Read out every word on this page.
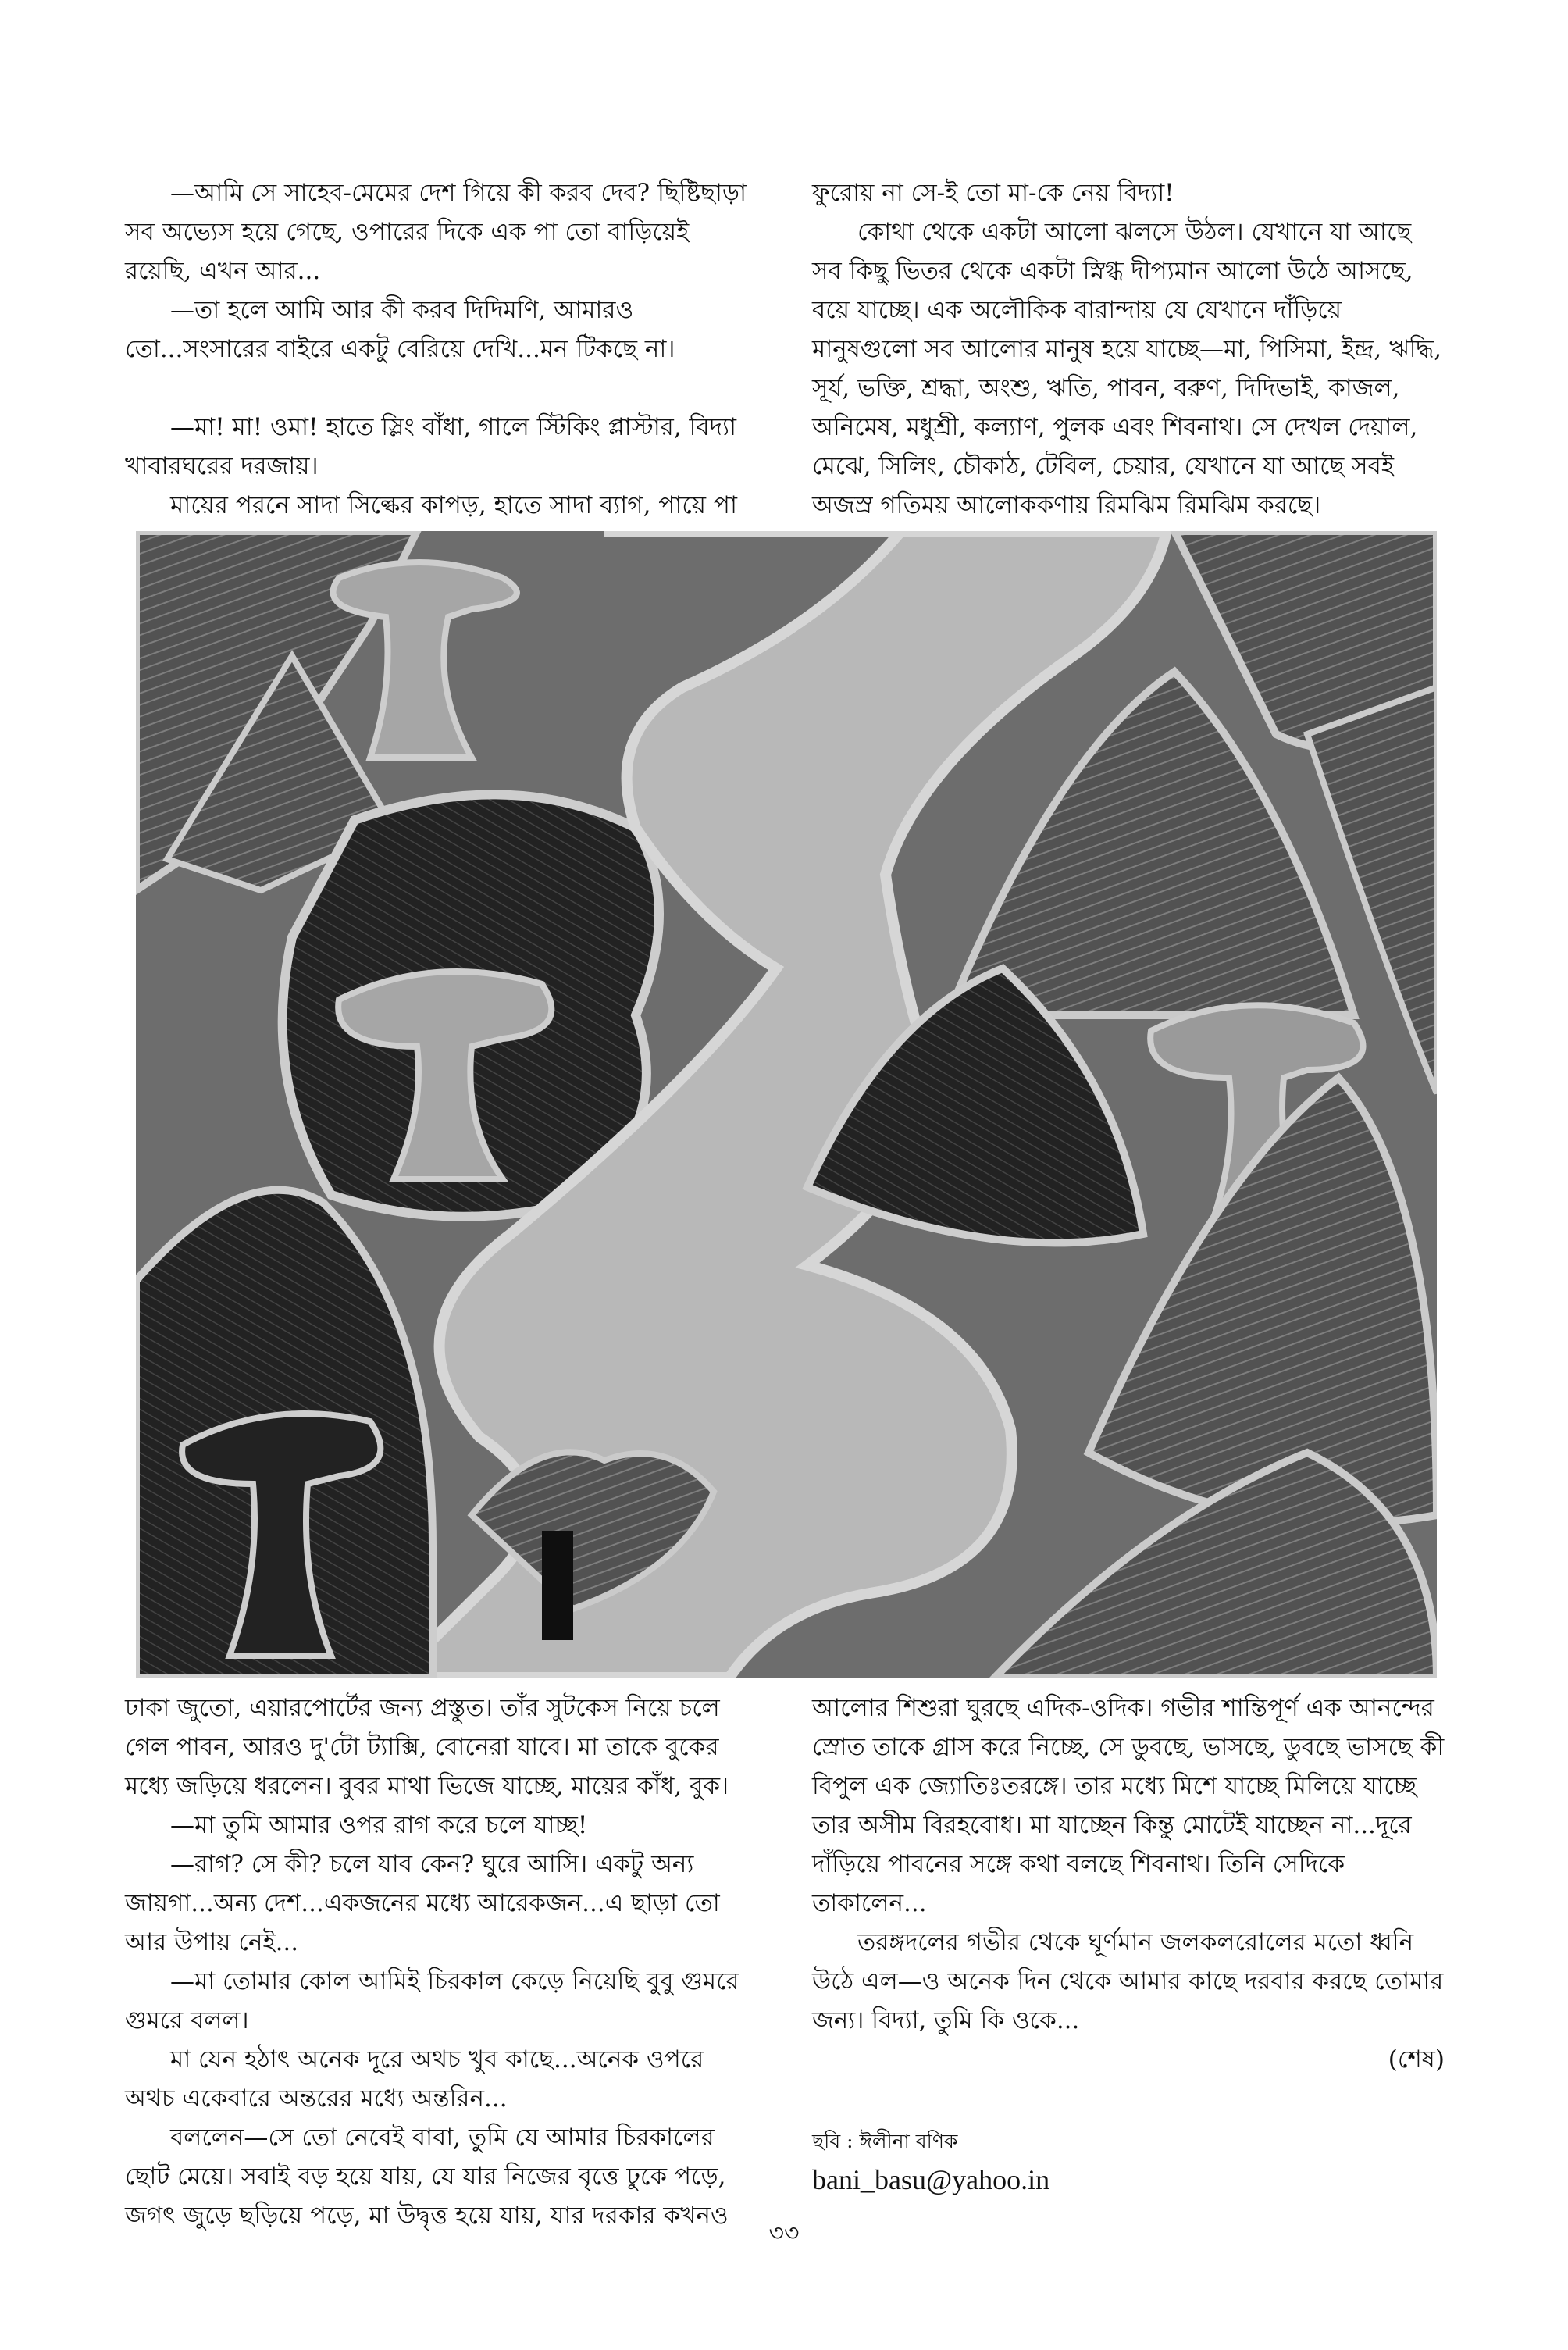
—আমি সে সাহেব-মেমের দেশ গিয়ে কী করব দেব? ছিষ্টিছাড়া সব অভ্যেস হয়ে গেছে, ওপারের দিকে এক পা তো বাড়িয়েই রয়েছি, এখন আর...

—তা হলে আমি আর কী করব দিদিমণি, আমারও তো...সংসারের বাইরে একটু বেরিয়ে দেখি...মন টিকছে না।

—মা! মা! ওমা! হাতে স্লিং বাঁধা, গালে স্টিকিং প্লাস্টার, বিদ্যা খাবারঘরের দরজায়।

মায়ের পরনে সাদা সিল্কের কাপড়, হাতে সাদা ব্যাগ, পায়ে পা

ফুরোয় না সে-ই তো মা-কে নেয় বিদ্যা!

কোথা থেকে একটা আলো ঝলসে উঠল। যেখানে যা আছে সব কিছু ভিতর থেকে একটা স্নিগ্ধ দীপ্যমান আলো উঠে আসছে, বয়ে যাচ্ছে। এক অলৌকিক বারান্দায় যে যেখানে দাঁড়িয়ে মানুষগুলো সব আলোর মানুষ হয়ে যাচ্ছে—মা, পিসিমা, ইন্দ্র, ঋদ্ধি, সূর্য, ভক্তি, শ্রদ্ধা, অংশু, ঋতি, পাবন, বরুণ, দিদিভাই, কাজল, অনিমেষ, মধুশ্রী, কল্যাণ, পুলক এবং শিবনাথ। সে দেখল দেয়াল, মেঝে, সিলিং, চৌকাঠ, টেবিল, চেয়ার, যেখানে যা আছে সবই অজস্র গতিময় আলোককণায় রিমঝিম রিমঝিম করছে।

ঢাকা জুতো, এয়ারপোর্টের জন্য প্রস্তুত। তাঁর সুটকেস নিয়ে চলে গেল পাবন, আরও দু'টো ট্যাক্সি, বোনেরা যাবে। মা তাকে বুকের মধ্যে জড়িয়ে ধরলেন। বুবর মাথা ভিজে যাচ্ছে, মায়ের কাঁধ, বুক।

—মা তুমি আমার ওপর রাগ করে চলে যাচ্ছ!

—রাগ? সে কী? চলে যাব কেন? ঘুরে আসি। একটু অন্য জায়গা...অন্য দেশ...একজনের মধ্যে আরেকজন...এ ছাড়া তো আর উপায় নেই...

—মা তোমার কোল আমিই চিরকাল কেড়ে নিয়েছি বুবু গুমরে গুমরে বলল।

মা যেন হঠাৎ অনেক দূরে অথচ খুব কাছে...অনেক ওপরে অথচ একেবারে অন্তরের মধ্যে অন্তরিন...

বললেন—সে তো নেবেই বাবা, তুমি যে আমার চিরকালের ছোট মেয়ে। সবাই বড় হয়ে যায়, যে যার নিজের বৃত্তে ঢুকে পড়ে, জগৎ জুড়ে ছড়িয়ে পড়ে, মা উদ্বৃত্ত হয়ে যায়, যার দরকার কখনও

আলোর শিশুরা ঘুরছে এদিক-ওদিক। গভীর শান্তিপূর্ণ এক আনন্দের স্রোত তাকে গ্রাস করে নিচ্ছে, সে ডুবছে, ভাসছে, ডুবছে ভাসছে কী বিপুল এক জ্যোতিঃতরঙ্গে। তার মধ্যে মিশে যাচ্ছে মিলিয়ে যাচ্ছে তার অসীম বিরহবোধ। মা যাচ্ছেন কিন্তু মোটেই যাচ্ছেন না...দূরে দাঁড়িয়ে পাবনের সঙ্গে কথা বলছে শিবনাথ। তিনি সেদিকে তাকালেন...

তরঙ্গদলের গভীর থেকে ঘূর্ণমান জলকলরোলের মতো ধ্বনি উঠে এল—ও অনেক দিন থেকে আমার কাছে দরবার করছে তোমার জন্য। বিদ্যা, তুমি কি ওকে...

(শেষ)

ছবি : ঈলীনা বণিক
bani_basu@yahoo.in
৩৩
